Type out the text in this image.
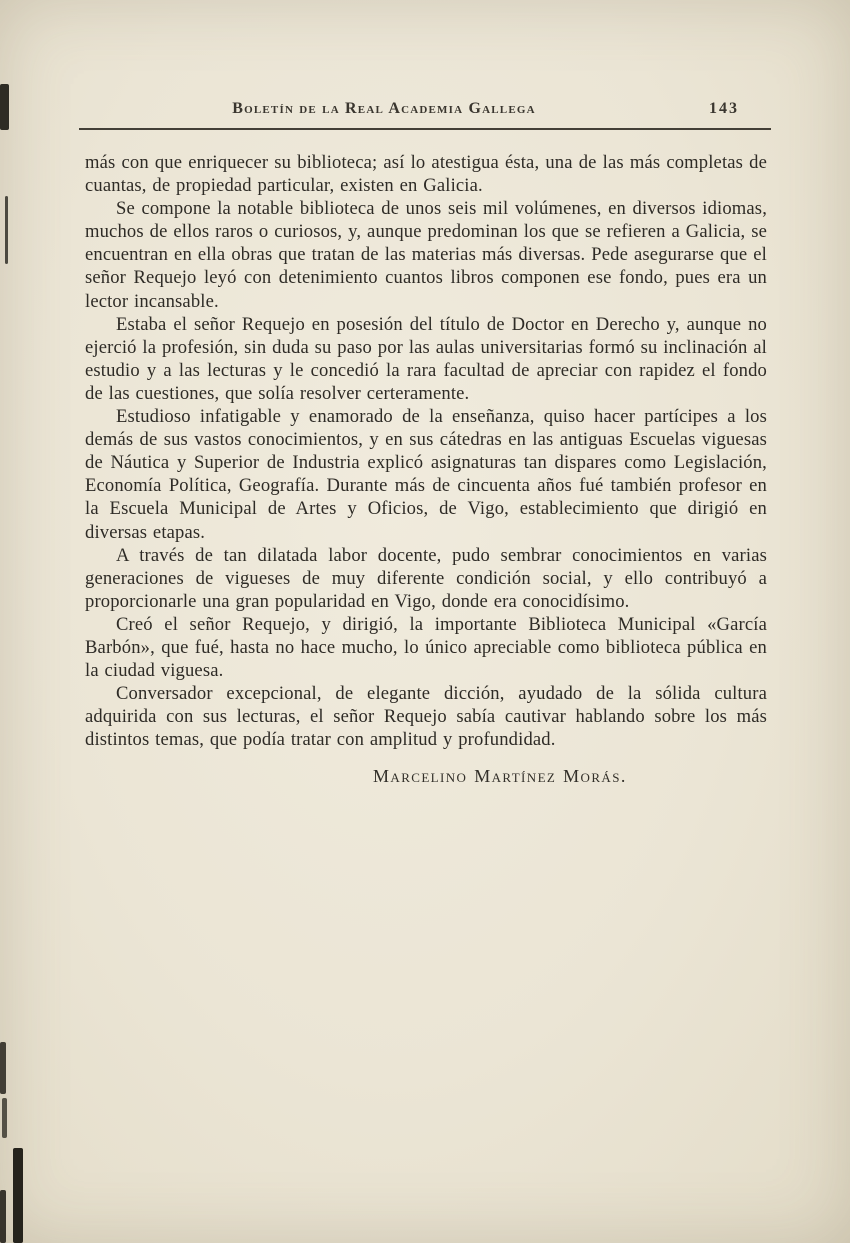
Boletín de la Real Academia Gallega	143

más con que enriquecer su biblioteca; así lo atestigua ésta, una de las más completas de cuantas, de propiedad particular, existen en Galicia.

Se compone la notable biblioteca de unos seis mil volúmenes, en diversos idiomas, muchos de ellos raros o curiosos, y, aunque predominan los que se refieren a Galicia, se encuentran en ella obras que tratan de las materias más diversas. Pede asegurarse que el señor Requejo leyó con detenimiento cuantos libros componen ese fondo, pues era un lector incansable.

Estaba el señor Requejo en posesión del título de Doctor en Derecho y, aunque no ejerció la profesión, sin duda su paso por las aulas universitarias formó su inclinación al estudio y a las lecturas y le concedió la rara facultad de apreciar con rapidez el fondo de las cuestiones, que solía resolver certeramente.

Estudioso infatigable y enamorado de la enseñanza, quiso hacer partícipes a los demás de sus vastos conocimientos, y en sus cátedras en las antiguas Escuelas viguesas de Náutica y Superior de Industria explicó asignaturas tan dispares como Legislación, Economía Política, Geografía. Durante más de cincuenta años fué también profesor en la Escuela Municipal de Artes y Oficios, de Vigo, establecimiento que dirigió en diversas etapas.

A través de tan dilatada labor docente, pudo sembrar conocimientos en varias generaciones de vigueses de muy diferente condición social, y ello contribuyó a proporcionarle una gran popularidad en Vigo, donde era conocidísimo.

Creó el señor Requejo, y dirigió, la importante Biblioteca Municipal «García Barbón», que fué, hasta no hace mucho, lo único apreciable como biblioteca pública en la ciudad viguesa.

Conversador excepcional, de elegante dicción, ayudado de la sólida cultura adquirida con sus lecturas, el señor Requejo sabía cautivar hablando sobre los más distintos temas, que podía tratar con amplitud y profundidad.

Marcelino Martínez Morás.
